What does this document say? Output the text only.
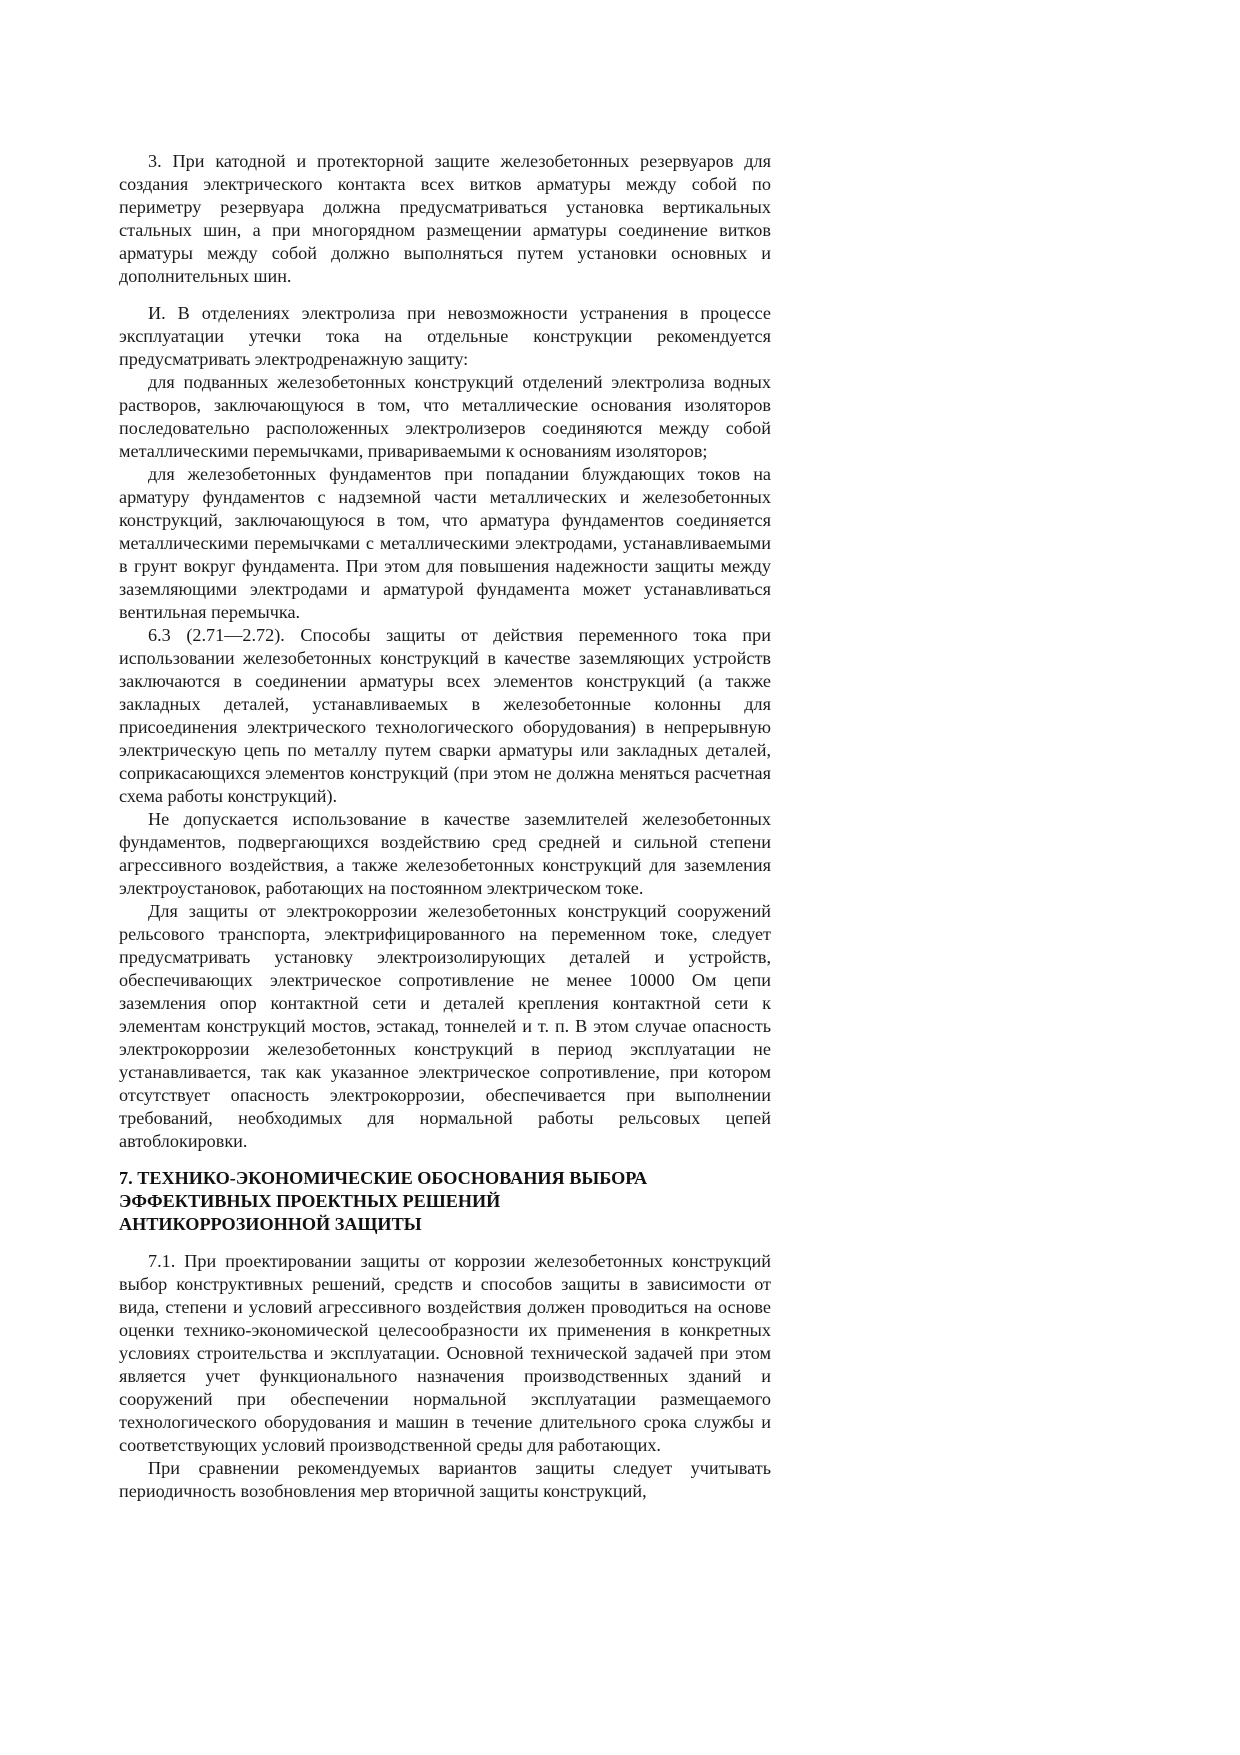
3. При катодной и протекторной защите железобетонных резервуаров для создания электрического контакта всех витков арматуры между собой по периметру резервуара должна предусматриваться установка вертикальных стальных шин, а при многорядном размещении арматуры соединение витков арматуры между собой должно выполняться путем установки основных и дополнительных шин.

И. В отделениях электролиза при невозможности устранения в процессе эксплуатации утечки тока на отдельные конструкции рекомендуется предусматривать электродренажную защиту:

для подванных железобетонных конструкций отделений электролиза водных растворов, заключающуюся в том, что металлические основания изоляторов последовательно расположенных электролизеров соединяются между собой металлическими перемычками, привариваемыми к основаниям изоляторов;

для железобетонных фундаментов при попадании блуждающих токов на арматуру фундаментов с надземной части металлических и железобетонных конструкций, заключающуюся в том, что арматура фундаментов соединяется металлическими перемычками с металлическими электродами, устанавливаемыми в грунт вокруг фундамента. При этом для повышения надежности защиты между заземляющими электродами и арматурой фундамента может устанавливаться вентильная перемычка.

6.3 (2.71—2.72). Способы защиты от действия переменного тока при использовании железобетонных конструкций в качестве заземляющих устройств заключаются в соединении арматуры всех элементов конструкций (а также закладных деталей, устанавливаемых в железобетонные колонны для присоединения электрического технологического оборудования) в непрерывную электрическую цепь по металлу путем сварки арматуры или закладных деталей, соприкасающихся элементов конструкций (при этом не должна меняться расчетная схема работы конструкций).

Не допускается использование в качестве заземлителей железобетонных фундаментов, подвергающихся воздействию сред средней и сильной степени агрессивного воздействия, а также железобетонных конструкций для заземления электроустановок, работающих на постоянном электрическом токе.

Для защиты от электрокоррозии железобетонных конструкций сооружений рельсового транспорта, электрифицированного на переменном токе, следует предусматривать установку электроизолирующих деталей и устройств, обеспечивающих электрическое сопротивление не менее 10000 Ом цепи заземления опор контактной сети и деталей крепления контактной сети к элементам конструкций мостов, эстакад, тоннелей и т. п. В этом случае опасность электрокоррозии железобетонных конструкций в период эксплуатации не устанавливается, так как указанное электрическое сопротивление, при котором отсутствует опасность электрокоррозии, обеспечивается при выполнении требований, необходимых для нормальной работы рельсовых цепей автоблокировки.

7. ТЕХНИКО-ЭКОНОМИЧЕСКИЕ ОБОСНОВАНИЯ ВЫБОРА
ЭФФЕКТИВНЫХ ПРОЕКТНЫХ РЕШЕНИЙ
АНТИКОРРОЗИОННОЙ ЗАЩИТЫ

7.1. При проектировании защиты от коррозии железобетонных конструкций выбор конструктивных решений, средств и способов защиты в зависимости от вида, степени и условий агрессивного воздействия должен проводиться на основе оценки технико-экономической целесообразности их применения в конкретных условиях строительства и эксплуатации. Основной технической задачей при этом является учет функционального назначения производственных зданий и сооружений при обеспечении нормальной эксплуатации размещаемого технологического оборудования и машин в течение длительного срока службы и соответствующих условий производственной среды для работающих.

При сравнении рекомендуемых вариантов защиты следует учитывать периодичность возобновления мер вторичной защиты конструкций,
